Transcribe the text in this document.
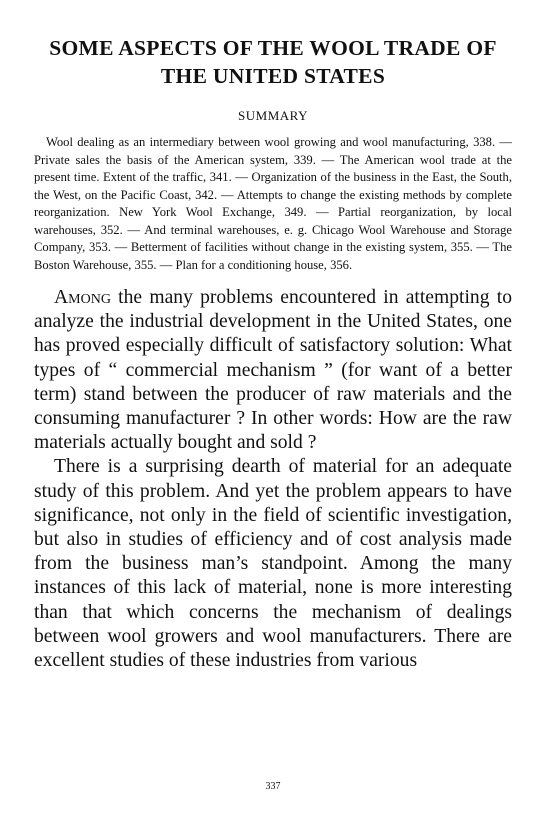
SOME ASPECTS OF THE WOOL TRADE OF
THE UNITED STATES
SUMMARY

Wool dealing as an intermediary between wool growing and wool manufacturing, 338. — Private sales the basis of the American system, 339. — The American wool trade at the present time. Extent of the traffic, 341. — Organization of the business in the East, the South, the West, on the Pacific Coast, 342. — Attempts to change the existing methods by complete reorganization. New York Wool Exchange, 349. — Partial reorganization, by local warehouses, 352. — And terminal warehouses, e. g. Chicago Wool Warehouse and Storage Company, 353. — Betterment of facilities without change in the existing system, 355. — The Boston Warehouse, 355. — Plan for a conditioning house, 356.

Among the many problems encountered in attempting to analyze the industrial development in the United States, one has proved especially difficult of satisfactory solution: What types of “ commercial mechanism ” (for want of a better term) stand between the producer of raw materials and the consuming manufacturer ? In other words: How are the raw materials actually bought and sold ?

There is a surprising dearth of material for an adequate study of this problem. And yet the problem appears to have significance, not only in the field of scientific investigation, but also in studies of efficiency and of cost analysis made from the business man’s standpoint. Among the many instances of this lack of material, none is more interesting than that which concerns the mechanism of dealings between wool growers and wool manufacturers. There are excellent studies of these industries from various

337
